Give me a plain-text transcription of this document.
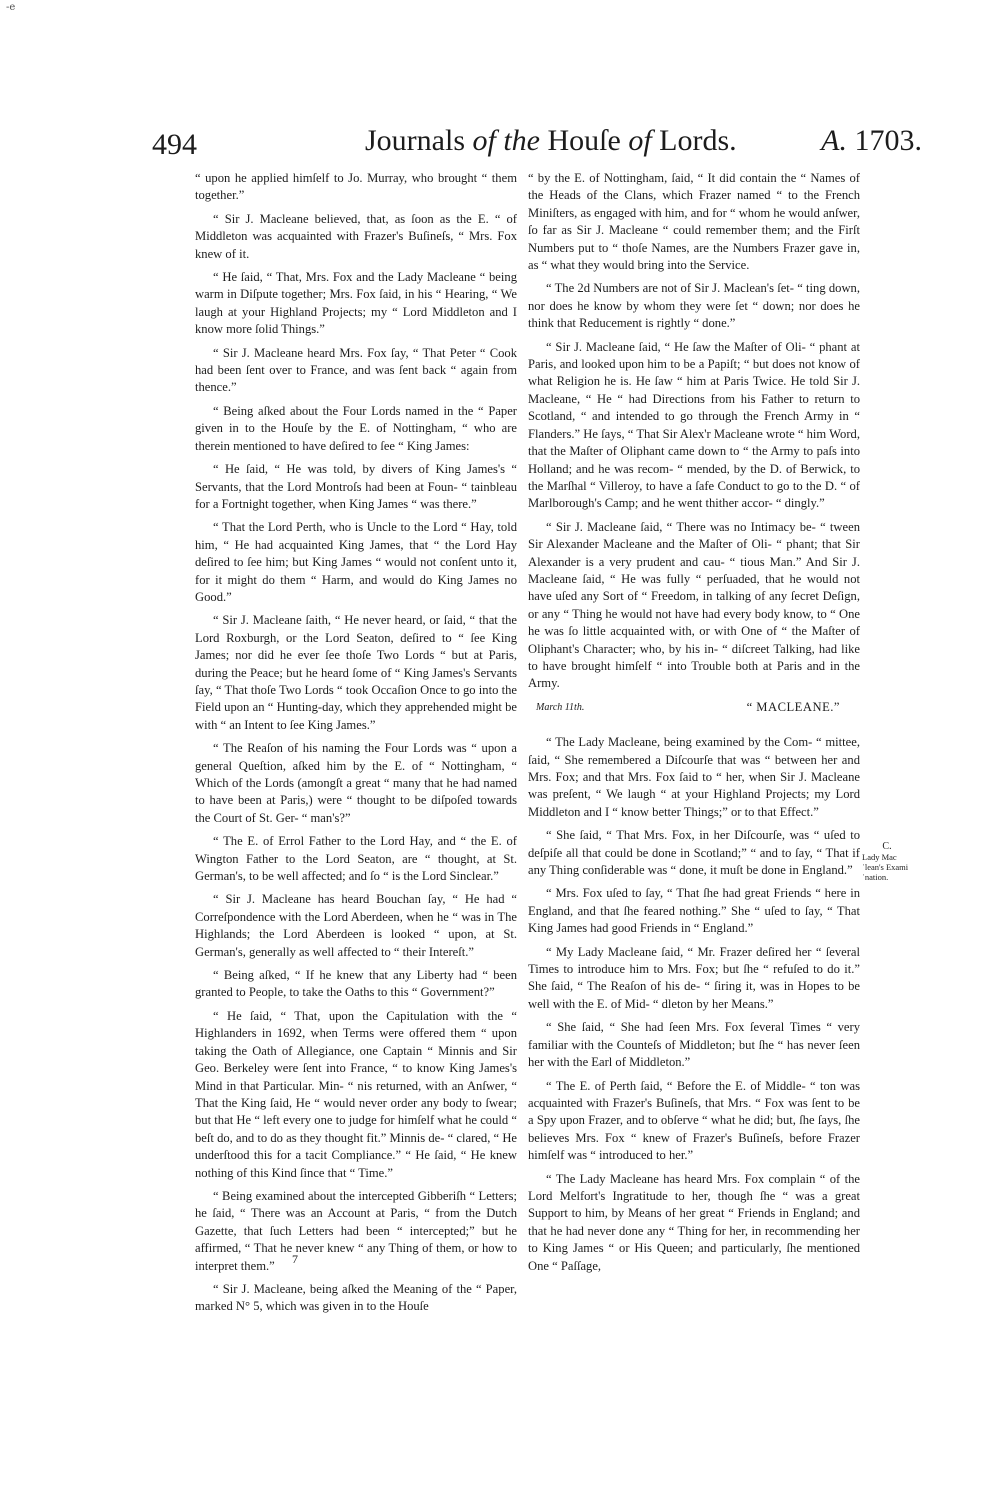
-e
494	Journals of the Houſe of Lords.	A. 1703.

“ upon he applied himſelf to Jo. Murray, who brought “ them together.”

“ Sir J. Macleane believed, that, as ſoon as the E. “ of Middleton was acquainted with Frazer's Buſineſs, “ Mrs. Fox knew of it.

“ He ſaid, “ That, Mrs. Fox and the Lady Macleane “ being warm in Diſpute together; Mrs. Fox ſaid, in his “ Hearing, “ We laugh at your Highland Projects; my “ Lord Middleton and I know more ſolid Things.”

“ Sir J. Macleane heard Mrs. Fox ſay, “ That Peter “ Cook had been ſent over to France, and was ſent back “ again from thence.”

“ Being aſked about the Four Lords named in the “ Paper given in to the Houſe by the E. of Nottingham, “ who are therein mentioned to have deſired to ſee “ King James:

“ He ſaid, “ He was told, by divers of King James's “ Servants, that the Lord Montroſs had been at Foun- “ tainbleau for a Fortnight together, when King James “ was there.”

“ That the Lord Perth, who is Uncle to the Lord “ Hay, told him, “ He had acquainted King James, that “ the Lord Hay deſired to ſee him; but King James “ would not conſent unto it, for it might do them “ Harm, and would do King James no Good.”

“ Sir J. Macleane ſaith, “ He never heard, or ſaid, “ that the Lord Roxburgh, or the Lord Seaton, deſired to “ ſee King James; nor did he ever ſee thoſe Two Lords “ but at Paris, during the Peace; but he heard ſome of “ King James's Servants ſay, “ That thoſe Two Lords “ took Occaſion Once to go into the Field upon an “ Hunting-day, which they apprehended might be with “ an Intent to ſee King James.”

“ The Reaſon of his naming the Four Lords was “ upon a general Queſtion, aſked him by the E. of “ Nottingham, “ Which of the Lords (amongſt a great “ many that he had named to have been at Paris,) were “ thought to be diſpoſed towards the Court of St. Ger- “ man's?”

“ The E. of Errol Father to the Lord Hay, and “ the E. of Wington Father to the Lord Seaton, are “ thought, at St. German's, to be well affected; and ſo “ is the Lord Sinclear.”

“ Sir J. Macleane has heard Bouchan ſay, “ He had “ Correſpondence with the Lord Aberdeen, when he “ was in The Highlands; the Lord Aberdeen is looked “ upon, at St. German's, generally as well affected to “ their Intereſt.”

“ Being aſked, “ If he knew that any Liberty had “ been granted to People, to take the Oaths to this “ Government?”

“ He ſaid, “ That, upon the Capitulation with the “ Highlanders in 1692, when Terms were offered them “ upon taking the Oath of Allegiance, one Captain “ Minnis and Sir Geo. Berkeley were ſent into France, “ to know King James's Mind in that Particular. Min- “ nis returned, with an Anſwer, “ That the King ſaid, He “ would never order any body to ſwear; but that He “ left every one to judge for himſelf what he could “ beſt do, and to do as they thought fit.” Minnis de- “ clared, “ He underſtood this for a tacit Compliance.” “ He ſaid, “ He knew nothing of this Kind ſince that “ Time.”

“ Being examined about the intercepted Gibberiſh “ Letters; he ſaid, “ There was an Account at Paris, “ from the Dutch Gazette, that ſuch Letters had been “ intercepted;” but he affirmed, “ That he never knew “ any Thing of them, or how to interpret them.”

“ Sir J. Macleane, being aſked the Meaning of the “ Paper, marked N° 5, which was given in to the Houſe

7

“ by the E. of Nottingham, ſaid, “ It did contain the “ Names of the Heads of the Clans, which Frazer named “ to the French Miniſters, as engaged with him, and for “ whom he would anſwer, ſo far as Sir J. Macleane “ could remember them; and the Firſt Numbers put to “ thoſe Names, are the Numbers Frazer gave in, as “ what they would bring into the Service.

“ The 2d Numbers are not of Sir J. Maclean's ſet- “ ting down, nor does he know by whom they were ſet “ down; nor does he think that Reducement is rightly “ done.”

“ Sir J. Macleane ſaid, “ He ſaw the Maſter of Oli- “ phant at Paris, and looked upon him to be a Papiſt; “ but does not know of what Religion he is. He ſaw “ him at Paris Twice. He told Sir J. Macleane, “ He “ had Directions from his Father to return to Scotland, “ and intended to go through the French Army in “ Flanders.” He ſays, “ That Sir Alex'r Macleane wrote “ him Word, that the Maſter of Oliphant came down to “ the Army to paſs into Holland; and he was recom- “ mended, by the D. of Berwick, to the Marſhal “ Villeroy, to have a ſafe Conduct to go to the D. “ of Marlborough's Camp; and he went thither accor- “ dingly.”

“ Sir J. Macleane ſaid, “ There was no Intimacy be- “ tween Sir Alexander Macleane and the Maſter of Oli- “ phant; that Sir Alexander is a very prudent and cau- “ tious Man.” And Sir J. Macleane ſaid, “ He was fully “ perſuaded, that he would not have uſed any Sort of “ Freedom, in talking of any ſecret Deſign, or any “ Thing he would not have had every body know, to “ One he was ſo little acquainted with, or with One of “ the Maſter of Oliphant's Character; who, by his in- “ diſcreet Talking, had like to have brought himſelf “ into Trouble both at Paris and in the Army.

March 11th.	“ MACLEANE.”

“ The Lady Macleane, being examined by the Com- “ mittee, ſaid, “ She remembered a Diſcourſe that was “ between her and Mrs. Fox; and that Mrs. Fox ſaid to “ her, when Sir J. Macleane was preſent, “ We laugh “ at your Highland Projects; my Lord Middleton and I “ know better Things;” or to that Effect.”

“ She ſaid, “ That Mrs. Fox, in her Diſcourſe, was “ uſed to deſpiſe all that could be done in Scotland;” “ and to ſay, “ That if any Thing conſiderable was “ done, it muſt be done in England.”

“ Mrs. Fox uſed to ſay, “ That ſhe had great Friends “ here in England, and that ſhe feared nothing.” She “ uſed to ſay, “ That King James had good Friends in “ England.”

“ My Lady Macleane ſaid, “ Mr. Frazer deſired her “ ſeveral Times to introduce him to Mrs. Fox; but ſhe “ refuſed to do it.” She ſaid, “ The Reaſon of his de- “ ſiring it, was in Hopes to be well with the E. of Mid- “ dleton by her Means.”

“ She ſaid, “ She had ſeen Mrs. Fox ſeveral Times “ very familiar with the Counteſs of Middleton; but ſhe “ has never ſeen her with the Earl of Middleton.”

“ The E. of Perth ſaid, “ Before the E. of Middle- “ ton was acquainted with Frazer's Buſineſs, that Mrs. “ Fox was ſent to be a Spy upon Frazer, and to obſerve “ what he did; but, ſhe ſays, ſhe believes Mrs. Fox “ knew of Frazer's Buſineſs, before Frazer himſelf was “ introduced to her.”

“ The Lady Macleane has heard Mrs. Fox complain “ of the Lord Melfort's Ingratitude to her, though ſhe “ was a great Support to him, by Means of her great “ Friends in England; and that he had never done any “ Thing for her, in recommending her to King James “ or His Queen; and particularly, ſhe mentioned One “ Paſſage,

C.
Lady Macˈlean's Examiˈnation.
